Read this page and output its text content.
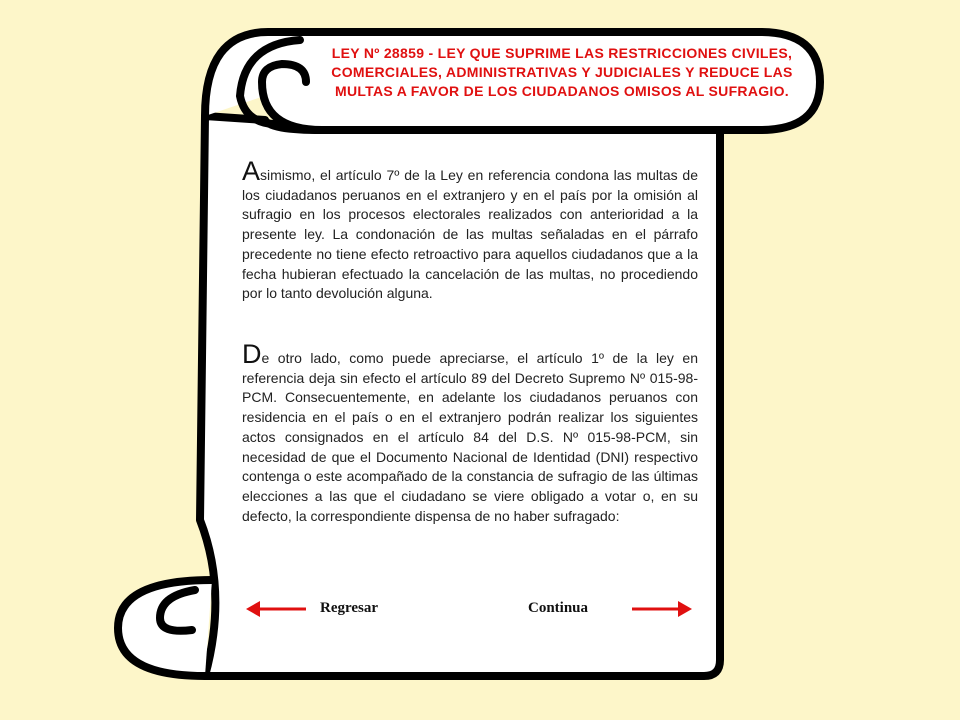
LEY Nº 28859 - LEY QUE SUPRIME LAS RESTRICCIONES CIVILES, COMERCIALES, ADMINISTRATIVAS Y JUDICIALES Y REDUCE LAS MULTAS A FAVOR DE LOS CIUDADANOS OMISOS AL SUFRAGIO.

Asimismo, el artículo 7º de la Ley en referencia condona las multas de los ciudadanos peruanos en el extranjero y en el país por la omisión al sufragio en los procesos electorales realizados con anterioridad a la presente ley. La condonación de las multas señaladas en el párrafo precedente no tiene efecto retroactivo para aquellos ciudadanos que a la fecha hubieran efectuado la cancelación de las multas, no procediendo por lo tanto devolución alguna.

De otro lado, como puede apreciarse, el artículo 1º de la ley en referencia deja sin efecto el artículo 89 del Decreto Supremo Nº 015-98-PCM. Consecuentemente, en adelante los ciudadanos peruanos con residencia en el país o en el extranjero podrán realizar los siguientes actos consignados en el artículo 84 del D.S. Nº 015-98-PCM, sin necesidad de que el Documento Nacional de Identidad (DNI) respectivo contenga o este acompañado de la constancia de sufragio de las últimas elecciones a las que el ciudadano se viere obligado a votar o, en su defecto, la correspondiente dispensa de no haber sufragado:

Regresar	Continua
